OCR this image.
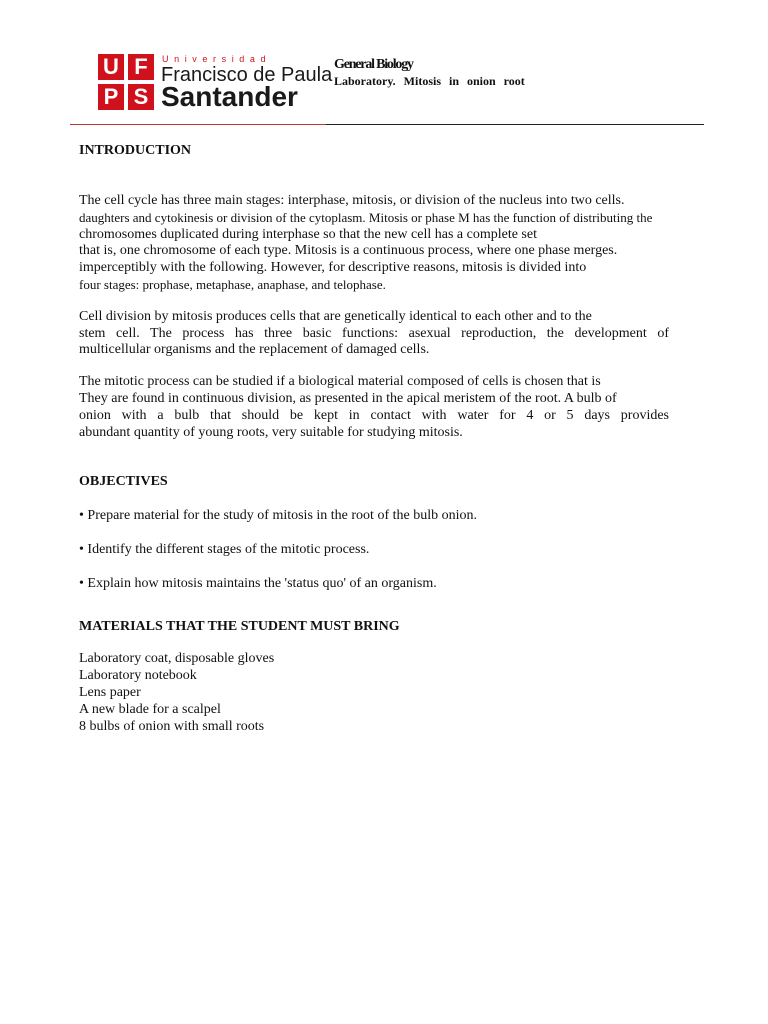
U F
P S
Universidad
Francisco de Paula
Santander
General Biology
Laboratory. Mitosis in onion root
INTRODUCTION
The cell cycle has three main stages: interphase, mitosis, or division of the nucleus into two cells.
daughters and cytokinesis or division of the cytoplasm. Mitosis or phase M has the function of distributing the
chromosomes duplicated during interphase so that the new cell has a complete set
that is, one chromosome of each type. Mitosis is a continuous process, where one phase merges.
imperceptibly with the following. However, for descriptive reasons, mitosis is divided into
four stages: prophase, metaphase, anaphase, and telophase.
Cell division by mitosis produces cells that are genetically identical to each other and to the
stem cell. The process has three basic functions: asexual reproduction, the development of
multicellular organisms and the replacement of damaged cells.
The mitotic process can be studied if a biological material composed of cells is chosen that is
They are found in continuous division, as presented in the apical meristem of the root. A bulb of
onion with a bulb that should be kept in contact with water for 4 or 5 days provides
abundant quantity of young roots, very suitable for studying mitosis.
OBJECTIVES
• Prepare material for the study of mitosis in the root of the bulb onion.
• Identify the different stages of the mitotic process.
• Explain how mitosis maintains the 'status quo' of an organism.
MATERIALS THAT THE STUDENT MUST BRING
Laboratory coat, disposable gloves
Laboratory notebook
Lens paper
A new blade for a scalpel
8 bulbs of onion with small roots
